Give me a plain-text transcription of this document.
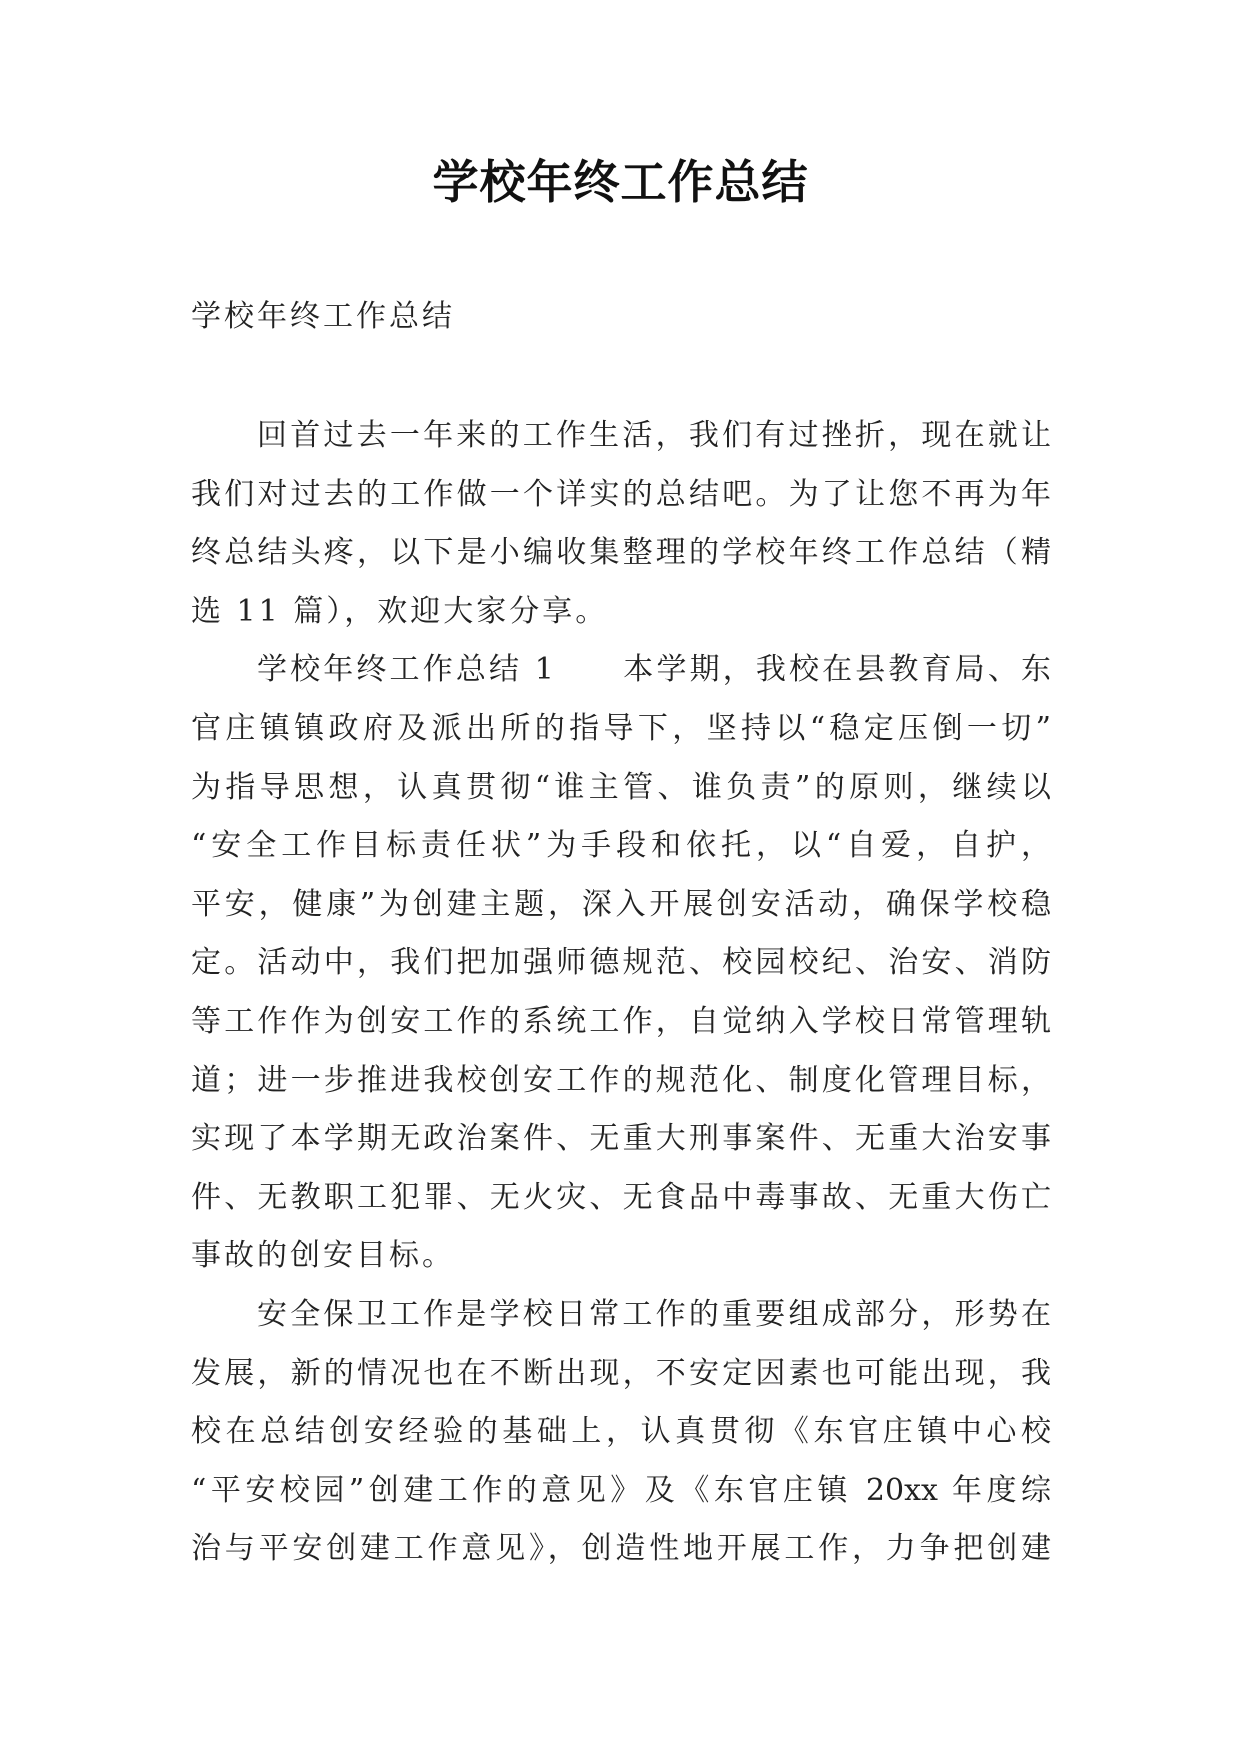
学校年终工作总结
学校年终工作总结
回首过去一年来的工作生活，我们有过挫折，现在就让
我们对过去的工作做一个详实的总结吧。为了让您不再为年
终总结头疼，以下是小编收集整理的学校年终工作总结（精
选 11 篇），欢迎大家分享。
学校年终工作总结 1　　本学期，我校在县教育局、东
官庄镇镇政府及派出所的指导下，坚持以“稳定压倒一切”
为指导思想，认真贯彻“谁主管、谁负责”的原则，继续以
“安全工作目标责任状”为手段和依托，以“自爱，自护，
平安，健康”为创建主题，深入开展创安活动，确保学校稳
定。活动中，我们把加强师德规范、校园校纪、治安、消防
等工作作为创安工作的系统工作，自觉纳入学校日常管理轨
道；进一步推进我校创安工作的规范化、制度化管理目标，
实现了本学期无政治案件、无重大刑事案件、无重大治安事
件、无教职工犯罪、无火灾、无食品中毒事故、无重大伤亡
事故的创安目标。
安全保卫工作是学校日常工作的重要组成部分，形势在
发展，新的情况也在不断出现，不安定因素也可能出现，我
校在总结创安经验的基础上，认真贯彻《东官庄镇中心校
“平安校园”创建工作的意见》及《东官庄镇 20xx 年度综
治与平安创建工作意见》，创造性地开展工作，力争把创建
